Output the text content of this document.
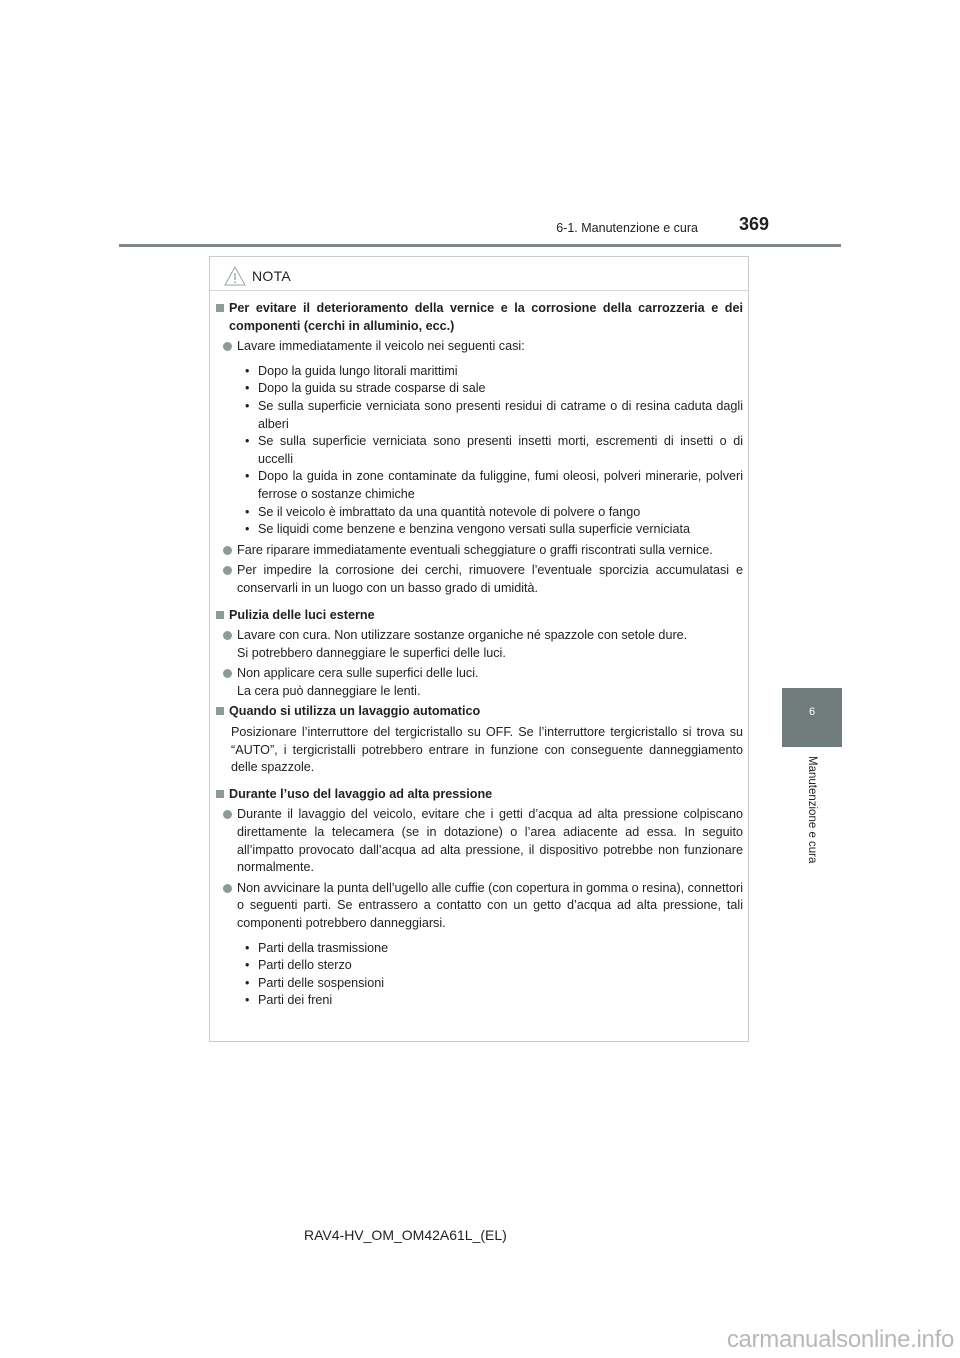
6-1. Manutenzione e cura 369
6
Manutenzione e cura
NOTA
Per evitare il deterioramento della vernice e la corrosione della carrozzeria e dei componenti (cerchi in alluminio, ecc.)
Lavare immediatamente il veicolo nei seguenti casi:
• Dopo la guida lungo litorali marittimi
• Dopo la guida su strade cosparse di sale
• Se sulla superficie verniciata sono presenti residui di catrame o di resina caduta dagli alberi
• Se sulla superficie verniciata sono presenti insetti morti, escrementi di insetti o di uccelli
• Dopo la guida in zone contaminate da fuliggine, fumi oleosi, polveri minerarie, polveri ferrose o sostanze chimiche
• Se il veicolo è imbrattato da una quantità notevole di polvere o fango
• Se liquidi come benzene e benzina vengono versati sulla superficie verniciata
Fare riparare immediatamente eventuali scheggiature o graffi riscontrati sulla vernice.
Per impedire la corrosione dei cerchi, rimuovere l’eventuale sporcizia accumulatasi e conservarli in un luogo con un basso grado di umidità.
Pulizia delle luci esterne
Lavare con cura. Non utilizzare sostanze organiche né spazzole con setole dure.
Si potrebbero danneggiare le superfici delle luci.
Non applicare cera sulle superfici delle luci.
La cera può danneggiare le lenti.
Quando si utilizza un lavaggio automatico
Posizionare l’interruttore del tergicristallo su OFF. Se l’interruttore tergicristallo si trova su “AUTO”, i tergicristalli potrebbero entrare in funzione con conseguente danneggiamento delle spazzole.
Durante l’uso del lavaggio ad alta pressione
Durante il lavaggio del veicolo, evitare che i getti d’acqua ad alta pressione colpiscano direttamente la telecamera (se in dotazione) o l’area adiacente ad essa. In seguito all’impatto provocato dall’acqua ad alta pressione, il dispositivo potrebbe non funzionare normalmente.
Non avvicinare la punta dell’ugello alle cuffie (con copertura in gomma o resina), connettori o seguenti parti. Se entrassero a contatto con un getto d’acqua ad alta pressione, tali componenti potrebbero danneggiarsi.
• Parti della trasmissione
• Parti dello sterzo
• Parti delle sospensioni
• Parti dei freni
RAV4-HV_OM_OM42A61L_(EL)
carmanualsonline.info
